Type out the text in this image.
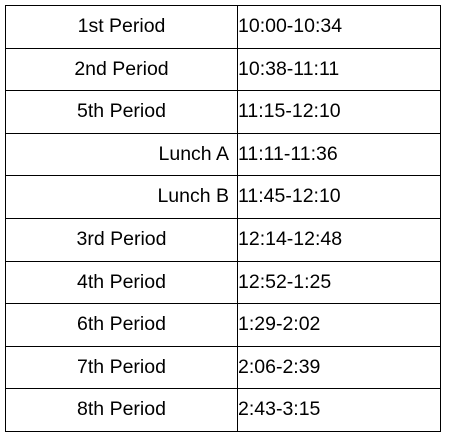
1st Period	10:00-10:34
2nd Period	10:38-11:11
5th Period	11:15-12:10
Lunch A	11:11-11:36
Lunch B	11:45-12:10
3rd Period	12:14-12:48
4th Period	12:52-1:25
6th Period	1:29-2:02
7th Period	2:06-2:39
8th Period	2:43-3:15
